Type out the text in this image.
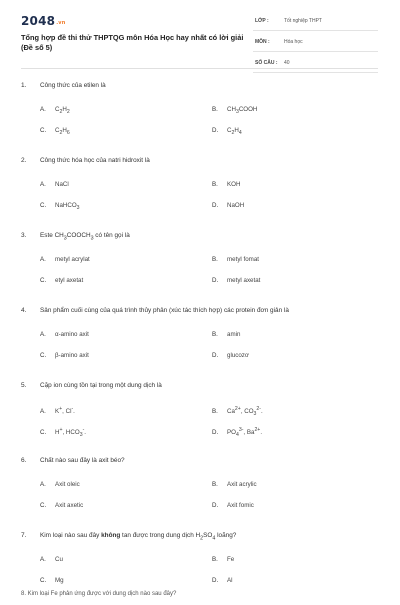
2048.vn
Tổng hợp đề thi thử THPTQG môn Hóa Học hay nhất có lời giải (Đề số 5)
LỚP :	Tốt nghiệp THPT
MÔN :	Hóa học
SỐ CÂU : 40
1. Công thức của etilen là
A. $C_2H_2$	B. $CH_3COOH$
C. $C_2H_6$	D. $C_2H_4$
2. Công thức hóa học của natri hidroxit là
A. NaCl	B. KOH
C. NaHCO$_3$	D. NaOH
3. Este $CH_3COOCH_3$ có tên gọi là
A. metyl acrylat	B. metyl fomat
C. etyl axetat	D. metyl axetat
4. Sản phẩm cuối cùng của quá trình thủy phân (xúc tác thích hợp) các protein đơn giản là
A. α-amino axit	B. amin
C. β-amino axit	D. glucozơ
5. Cặp ion cùng tồn tại trong một dung dịch là
A. K+, Cl-.	B. $Ca^{2+}$, $CO_3^{2-}$.
C. H+, $HCO_3^-$.	D. $PO_4^{3-}$, $Ba^{2+}$.
6. Chất nào sau đây là axit béo?
A. Axit oleic	B. Axit acrylic
C. Axit axetic	D. Axit fomic
7. Kim loại nào sau đây không tan được trong dung dịch $H_2SO_4$ loãng?
A. Cu	B. Fe
C. Mg	D. Al
8. Kim loại Fe phản ứng được với dung dịch nào sau đây?
